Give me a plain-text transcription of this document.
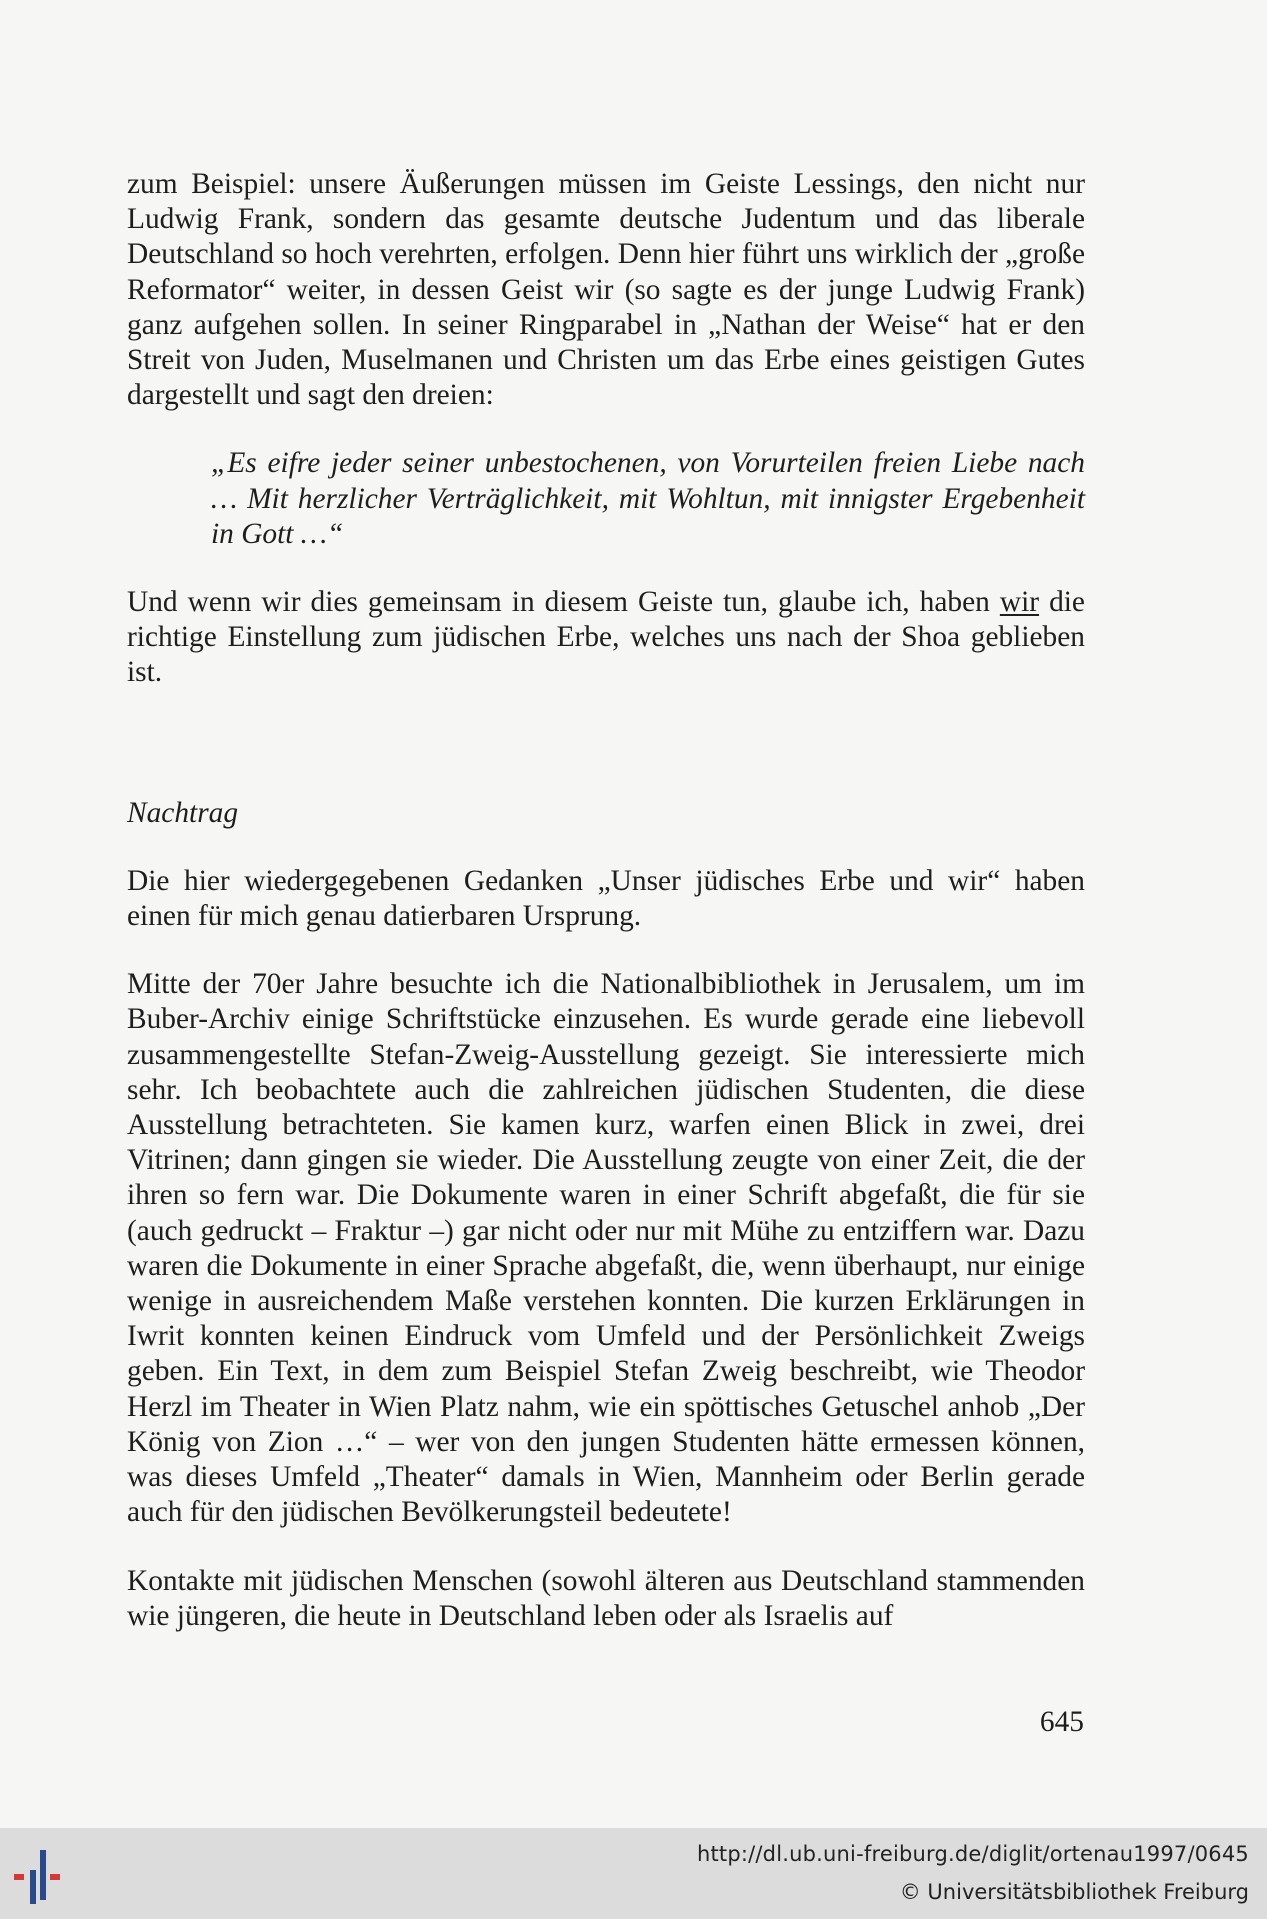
zum Beispiel: unsere Äußerungen müssen im Geiste Lessings, den nicht nur Ludwig Frank, sondern das gesamte deutsche Judentum und das liberale Deutschland so hoch verehrten, erfolgen. Denn hier führt uns wirklich der „große Reformator“ weiter, in dessen Geist wir (so sagte es der junge Ludwig Frank) ganz aufgehen sollen. In seiner Ringparabel in „Nathan der Weise“ hat er den Streit von Juden, Muselmanen und Christen um das Erbe eines geistigen Gutes dargestellt und sagt den dreien:

„Es eifre jeder seiner unbestochenen, von Vorurteilen freien Liebe nach … Mit herzlicher Verträglichkeit, mit Wohltun, mit innigster Ergebenheit in Gott …“

Und wenn wir dies gemeinsam in diesem Geiste tun, glaube ich, haben wir die richtige Einstellung zum jüdischen Erbe, welches uns nach der Shoa geblieben ist.

Nachtrag

Die hier wiedergegebenen Gedanken „Unser jüdisches Erbe und wir“ haben einen für mich genau datierbaren Ursprung.

Mitte der 70er Jahre besuchte ich die Nationalbibliothek in Jerusalem, um im Buber-Archiv einige Schriftstücke einzusehen. Es wurde gerade eine liebevoll zusammengestellte Stefan-Zweig-Ausstellung gezeigt. Sie interessierte mich sehr. Ich beobachtete auch die zahlreichen jüdischen Studenten, die diese Ausstellung betrachteten. Sie kamen kurz, warfen einen Blick in zwei, drei Vitrinen; dann gingen sie wieder. Die Ausstellung zeugte von einer Zeit, die der ihren so fern war. Die Dokumente waren in einer Schrift abgefaßt, die für sie (auch gedruckt – Fraktur –) gar nicht oder nur mit Mühe zu entziffern war. Dazu waren die Dokumente in einer Sprache abgefaßt, die, wenn überhaupt, nur einige wenige in ausreichendem Maße verstehen konnten. Die kurzen Erklärungen in Iwrit konnten keinen Eindruck vom Umfeld und der Persönlichkeit Zweigs geben. Ein Text, in dem zum Beispiel Stefan Zweig beschreibt, wie Theodor Herzl im Theater in Wien Platz nahm, wie ein spöttisches Getuschel anhob „Der König von Zion …“ – wer von den jungen Studenten hätte ermessen können, was dieses Umfeld „Theater“ damals in Wien, Mannheim oder Berlin gerade auch für den jüdischen Bevölkerungsteil bedeutete!

Kontakte mit jüdischen Menschen (sowohl älteren aus Deutschland stammenden wie jüngeren, die heute in Deutschland leben oder als Israelis auf

645
http://dl.ub.uni-freiburg.de/diglit/ortenau1997/0645
© Universitätsbibliothek Freiburg
